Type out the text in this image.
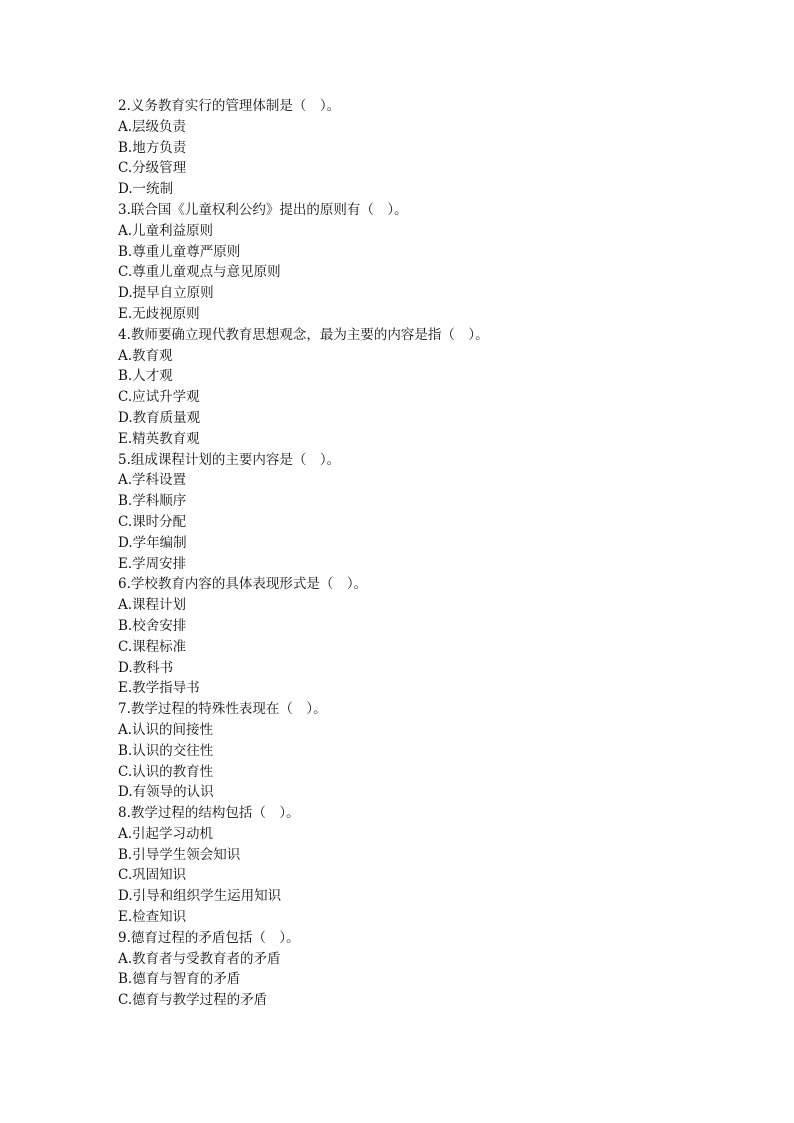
2.义务教育实行的管理体制是（　）。
A.层级负责
B.地方负责
C.分级管理
D.一统制
3.联合国《儿童权利公约》提出的原则有（　）。
A.儿童利益原则
B.尊重儿童尊严原则
C.尊重儿童观点与意见原则
D.提早自立原则
E.无歧视原则
4.教师要确立现代教育思想观念，最为主要的内容是指（　）。
A.教育观
B.人才观
C.应试升学观
D.教育质量观
E.精英教育观
5.组成课程计划的主要内容是（　）。
A.学科设置
B.学科顺序
C.课时分配
D.学年编制
E.学周安排
6.学校教育内容的具体表现形式是（　）。
A.课程计划
B.校舍安排
C.课程标准
D.教科书
E.教学指导书
7.教学过程的特殊性表现在（　）。
A.认识的间接性
B.认识的交往性
C.认识的教育性
D.有领导的认识
8.教学过程的结构包括（　）。
A.引起学习动机
B.引导学生领会知识
C.巩固知识
D.引导和组织学生运用知识
E.检查知识
9.德育过程的矛盾包括（　）。
A.教育者与受教育者的矛盾
B.德育与智育的矛盾
C.德育与教学过程的矛盾
